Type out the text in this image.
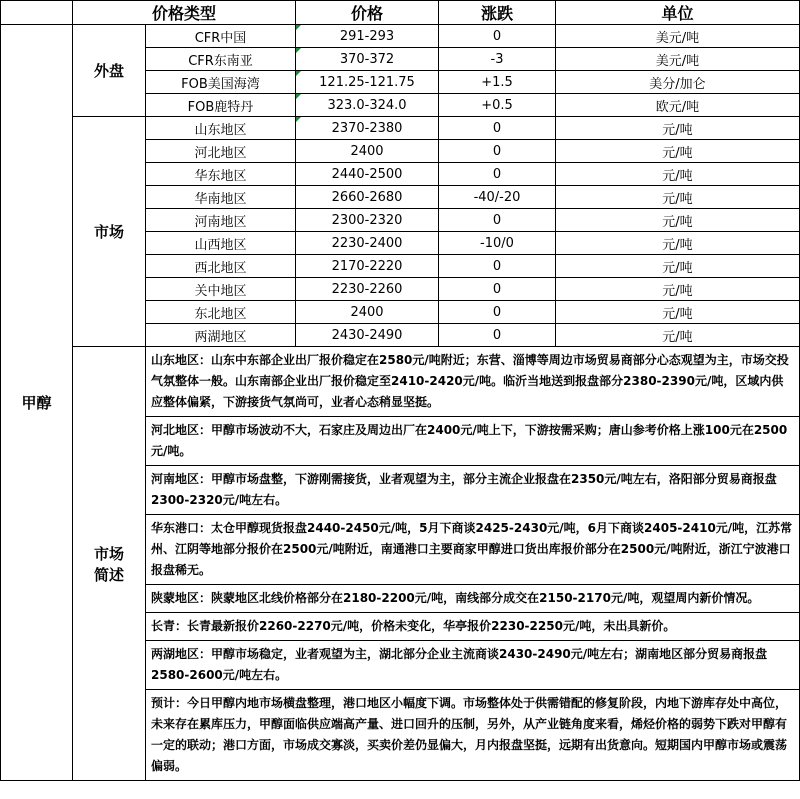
	价格类型		价格	涨跌	单位
甲醇	外盘	CFR中国	291-293	0	美元/吨
		CFR东南亚	370-372	-3	美元/吨
		FOB美国海湾	121.25-121.75	+1.5	美分/加仑
		FOB鹿特丹	323.0-324.0	+0.5	欧元/吨
	市场	山东地区	2370-2380	0	元/吨
		河北地区	2400	0	元/吨
		华东地区	2440-2500	0	元/吨
		华南地区	2660-2680	-40/-20	元/吨
		河南地区	2300-2320	0	元/吨
		山西地区	2230-2400	-10/0	元/吨
		西北地区	2170-2220	0	元/吨
		关中地区	2230-2260	0	元/吨
		东北地区	2400	0	元/吨
		两湖地区	2430-2490	0	元/吨
	市场
简述	山东地区：山东中东部企业出厂报价稳定在2580元/吨附近；东营、淄博等周边市场贸易商部分心态观望为主，市场交投气氛整体一般。山东南部企业出厂报价稳定至2410-2420元/吨。临沂当地送到报盘部分2380-2390元/吨，区域内供应整体偏紧，下游接货气氛尚可，业者心态稍显坚挺。			
		河北地区：甲醇市场波动不大，石家庄及周边出厂在2400元/吨上下，下游按需采购；唐山参考价格上涨100元在2500元/吨。			
		河南地区：甲醇市场盘整，下游刚需接货，业者观望为主，部分主流企业报盘在2350元/吨左右，洛阳部分贸易商报盘2300-2320元/吨左右。			
		华东港口：太仓甲醇现货报盘2440-2450元/吨，5月下商谈2425-2430元/吨，6月下商谈2405-2410元/吨，江苏常州、江阴等地部分报价在2500元/吨附近，南通港口主要商家甲醇进口货出库报价部分在2500元/吨附近，浙江宁波港口报盘稀无。			
		陕蒙地区：陕蒙地区北线价格部分在2180-2200元/吨，南线部分成交在2150-2170元/吨，观望周内新价情况。			
		长青：长青最新报价2260-2270元/吨，价格未变化，华亭报价2230-2250元/吨，未出具新价。			
		两湖地区：甲醇市场稳定，业者观望为主，湖北部分企业主流商谈2430-2490元/吨左右；湖南地区部分贸易商报盘2580-2600元/吨左右。			
		预计：今日甲醇内地市场横盘整理，港口地区小幅度下调。市场整体处于供需错配的修复阶段，内地下游库存处中高位，未来存在累库压力，甲醇面临供应端高产量、进口回升的压制，另外，从产业链角度来看，烯烃价格的弱势下跌对甲醇有一定的联动；港口方面，市场成交寡淡，买卖价差仍显偏大，月内报盘坚挺，远期有出货意向。短期国内甲醇市场或震荡偏弱。			
